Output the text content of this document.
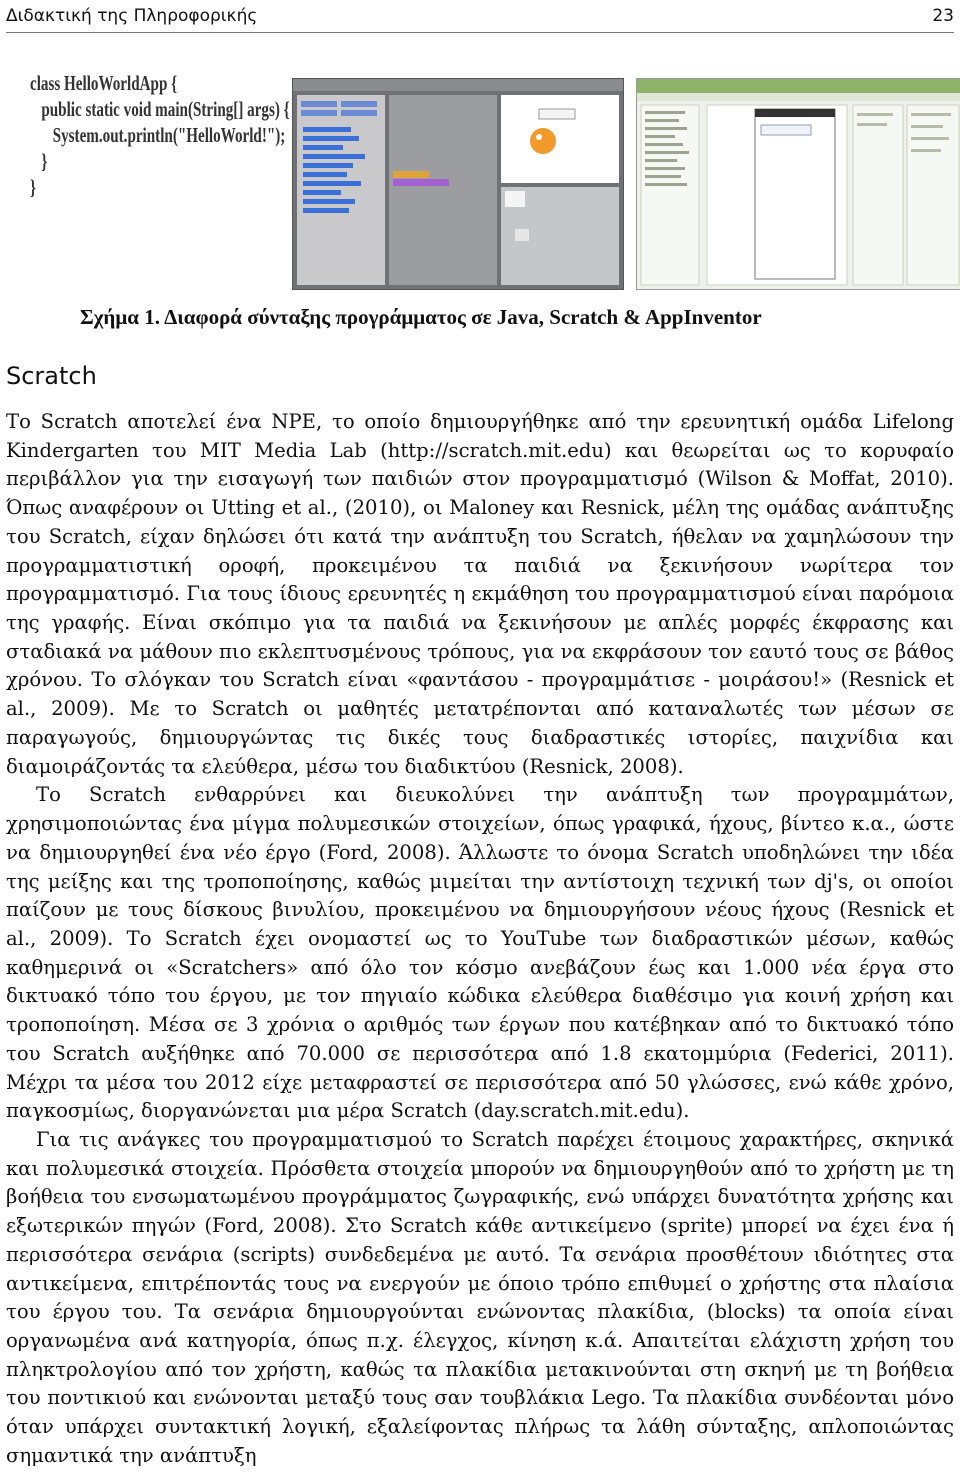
Διδακτική της Πληροφορικής	23
class HelloWorldApp {
public static void main(String[] args) {
System.out.println("HelloWorld!");
}
}
Σχήμα 1. Διαφορά σύνταξης προγράμματος σε Java, Scratch & AppInventor
Scratch

Το Scratch αποτελεί ένα ΝΡΕ, το οποίο δημιουργήθηκε από την ερευνητική ομάδα Lifelong Kindergarten του MIT Media Lab (http://scratch.mit.edu) και θεωρείται ως το κορυφαίο περιβάλλον για την εισαγωγή των παιδιών στον προγραμματισμό (Wilson & Moffat, 2010). Όπως αναφέρουν οι Utting et al., (2010), οι Maloney και Resnick, μέλη της ομάδας ανάπτυξης του Scratch, είχαν δηλώσει ότι κατά την ανάπτυξη του Scratch, ήθελαν να χαμηλώσουν την προγραμματιστική οροφή, προκειμένου τα παιδιά να ξεκινήσουν νωρίτερα τον προγραμματισμό. Για τους ίδιους ερευνητές η εκμάθηση του προγραμματισμού είναι παρόμοια της γραφής. Είναι σκόπιμο για τα παιδιά να ξεκινήσουν με απλές μορφές έκφρασης και σταδιακά να μάθουν πιο εκλεπτυσμένους τρόπους, για να εκφράσουν τον εαυτό τους σε βάθος χρόνου. Το σλόγκαν του Scratch είναι «φαντάσου - προγραμμάτισε - μοιράσου!» (Resnick et al., 2009). Με το Scratch οι μαθητές μετατρέπονται από καταναλωτές των μέσων σε παραγωγούς, δημιουργώντας τις δικές τους διαδραστικές ιστορίες, παιχνίδια και διαμοιράζοντάς τα ελεύθερα, μέσω του διαδικτύου (Resnick, 2008).

Το Scratch ενθαρρύνει και διευκολύνει την ανάπτυξη των προγραμμάτων, χρησιμοποιώντας ένα μίγμα πολυμεσικών στοιχείων, όπως γραφικά, ήχους, βίντεο κ.α., ώστε να δημιουργηθεί ένα νέο έργο (Ford, 2008). Άλλωστε το όνομα Scratch υποδηλώνει την ιδέα της μείξης και της τροποποίησης, καθώς μιμείται την αντίστοιχη τεχνική των dj's, οι οποίοι παίζουν με τους δίσκους βινυλίου, προκειμένου να δημιουργήσουν νέους ήχους (Resnick et al., 2009). Το Scratch έχει ονομαστεί ως το YouTube των διαδραστικών μέσων, καθώς καθημερινά οι «Scratchers» από όλο τον κόσμο ανεβάζουν έως και 1.000 νέα έργα στο δικτυακό τόπο του έργου, με τον πηγιαίο κώδικα ελεύθερα διαθέσιμο για κοινή χρήση και τροποποίηση. Μέσα σε 3 χρόνια ο αριθμός των έργων που κατέβηκαν από το δικτυακό τόπο του Scratch αυξήθηκε από 70.000 σε περισσότερα από 1.8 εκατομμύρια (Federici, 2011). Μέχρι τα μέσα του 2012 είχε μεταφραστεί σε περισσότερα από 50 γλώσσες, ενώ κάθε χρόνο, παγκοσμίως, διοργανώνεται μια μέρα Scratch (day.scratch.mit.edu).

Για τις ανάγκες του προγραμματισμού το Scratch παρέχει έτοιμους χαρακτήρες, σκηνικά και πολυμεσικά στοιχεία. Πρόσθετα στοιχεία μπορούν να δημιουργηθούν από το χρήστη με τη βοήθεια του ενσωματωμένου προγράμματος ζωγραφικής, ενώ υπάρχει δυνατότητα χρήσης και εξωτερικών πηγών (Ford, 2008). Στο Scratch κάθε αντικείμενο (sprite) μπορεί να έχει ένα ή περισσότερα σενάρια (scripts) συνδεδεμένα με αυτό. Τα σενάρια προσθέτουν ιδιότητες στα αντικείμενα, επιτρέποντάς τους να ενεργούν με όποιο τρόπο επιθυμεί ο χρήστης στα πλαίσια του έργου του. Τα σενάρια δημιουργούνται ενώνοντας πλακίδια, (blocks) τα οποία είναι οργανωμένα ανά κατηγορία, όπως π.χ. έλεγχος, κίνηση κ.ά. Απαιτείται ελάχιστη χρήση του πληκτρολογίου από τον χρήστη, καθώς τα πλακίδια μετακινούνται στη σκηνή με τη βοήθεια του ποντικιού και ενώνονται μεταξύ τους σαν τουβλάκια Lego. Τα πλακίδια συνδέονται μόνο όταν υπάρχει συντακτική λογική, εξαλείφοντας πλήρως τα λάθη σύνταξης, απλοποιώντας σημαντικά την ανάπτυξη
